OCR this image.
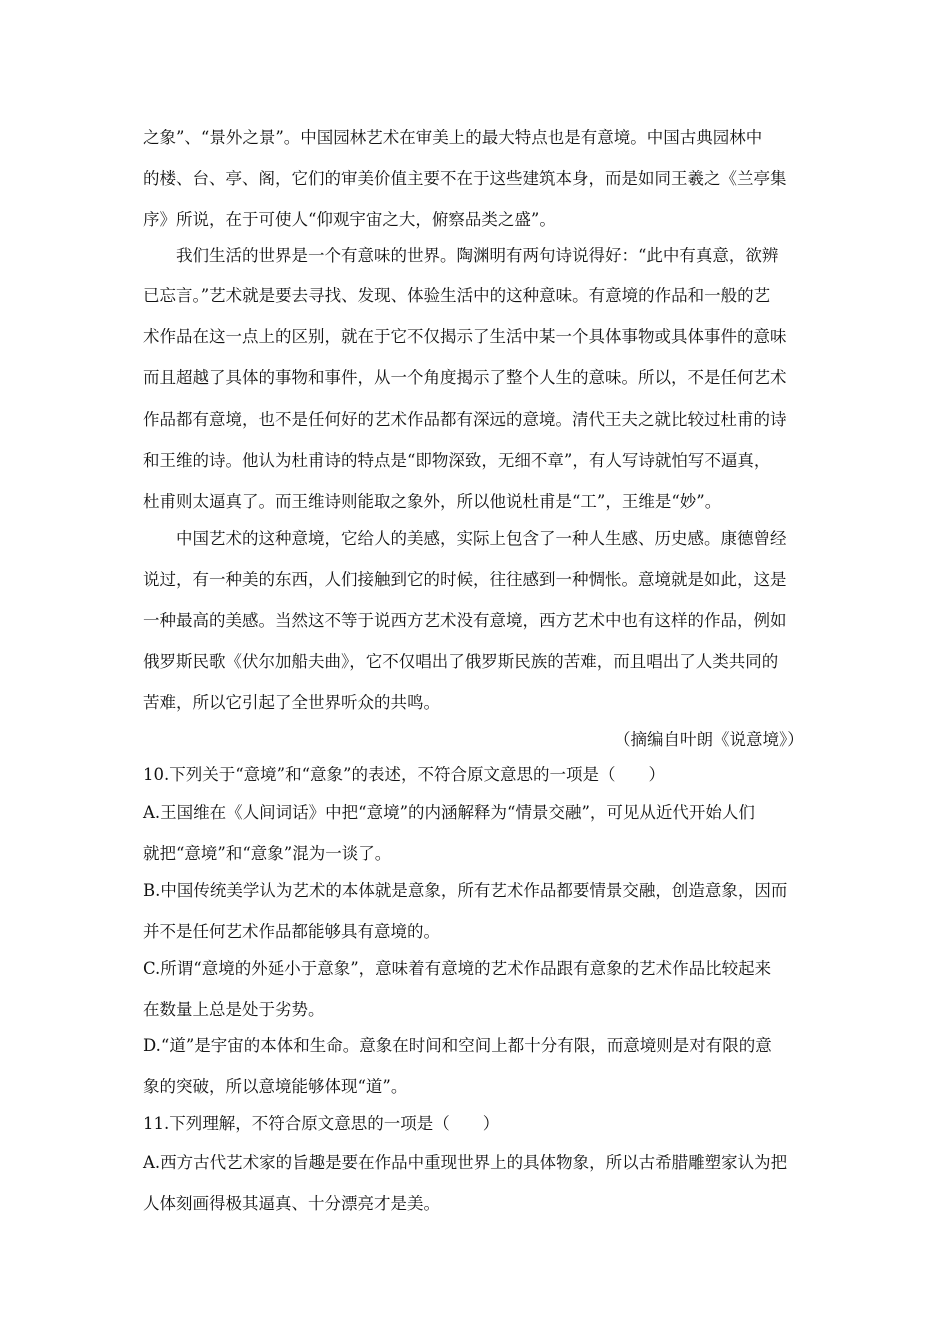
之象”、“景外之景”。中国园林艺术在审美上的最大特点也是有意境。中国古典园林中
的楼、台、亭、阁，它们的审美价值主要不在于这些建筑本身，而是如同王羲之《兰亭集
序》所说，在于可使人“仰观宇宙之大，俯察品类之盛”。
我们生活的世界是一个有意味的世界。陶渊明有两句诗说得好：“此中有真意，欲辨
已忘言。”艺术就是要去寻找、发现、体验生活中的这种意味。有意境的作品和一般的艺
术作品在这一点上的区别，就在于它不仅揭示了生活中某一个具体事物或具体事件的意味
而且超越了具体的事物和事件，从一个角度揭示了整个人生的意味。所以，不是任何艺术
作品都有意境，也不是任何好的艺术作品都有深远的意境。清代王夫之就比较过杜甫的诗
和王维的诗。他认为杜甫诗的特点是“即物深致，无细不章”，有人写诗就怕写不逼真，
杜甫则太逼真了。而王维诗则能取之象外，所以他说杜甫是“工”，王维是“妙”。
中国艺术的这种意境，它给人的美感，实际上包含了一种人生感、历史感。康德曾经
说过，有一种美的东西，人们接触到它的时候，往往感到一种惆怅。意境就是如此，这是
一种最高的美感。当然这不等于说西方艺术没有意境，西方艺术中也有这样的作品，例如
俄罗斯民歌《伏尔加船夫曲》，它不仅唱出了俄罗斯民族的苦难，而且唱出了人类共同的
苦难，所以它引起了全世界听众的共鸣。
（摘编自叶朗《说意境》）
10.下列关于“意境”和“意象”的表述，不符合原文意思的一项是（　　）
A.王国维在《人间词话》中把“意境”的内涵解释为“情景交融”，可见从近代开始人们
就把“意境”和“意象”混为一谈了。
B.中国传统美学认为艺术的本体就是意象，所有艺术作品都要情景交融，创造意象，因而
并不是任何艺术作品都能够具有意境的。
C.所谓“意境的外延小于意象”，意味着有意境的艺术作品跟有意象的艺术作品比较起来
在数量上总是处于劣势。
D.“道”是宇宙的本体和生命。意象在时间和空间上都十分有限，而意境则是对有限的意
象的突破，所以意境能够体现“道”。
11.下列理解，不符合原文意思的一项是（　　）
A.西方古代艺术家的旨趣是要在作品中重现世界上的具体物象，所以古希腊雕塑家认为把
人体刻画得极其逼真、十分漂亮才是美。
